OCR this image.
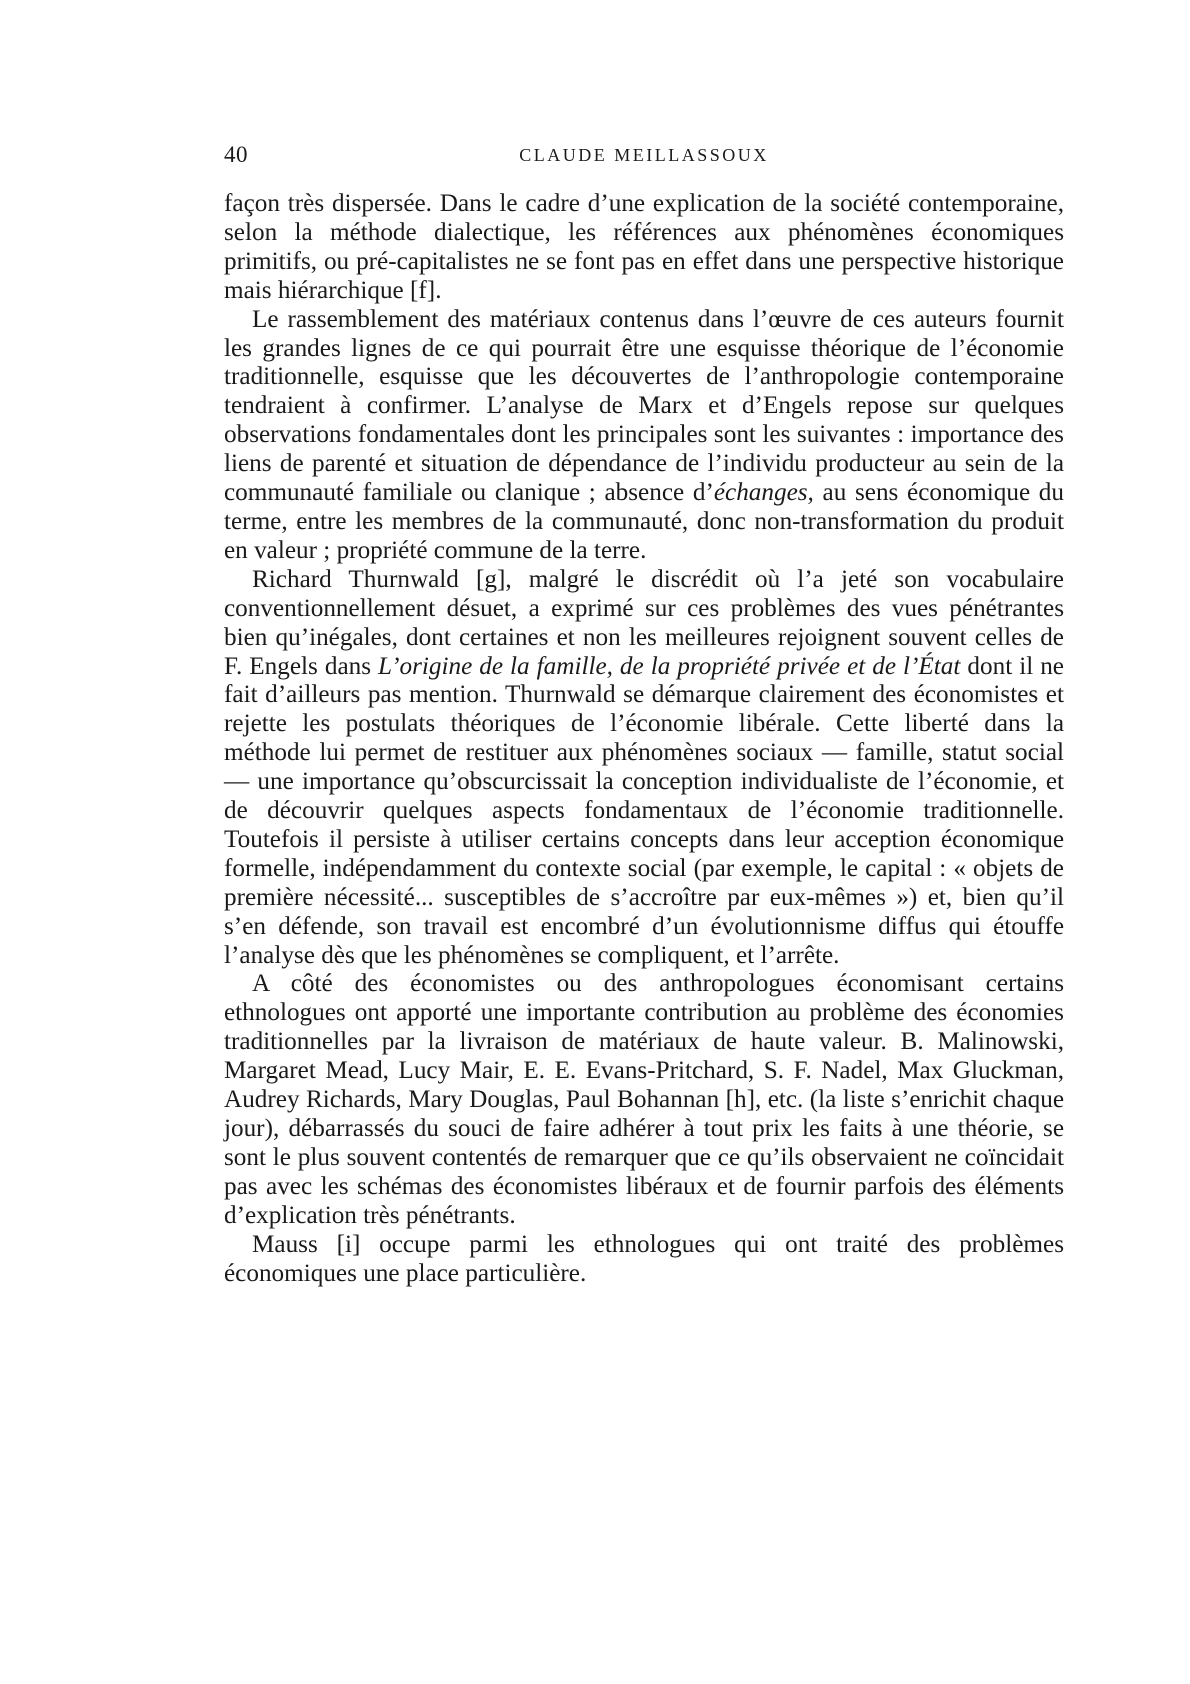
40	CLAUDE MEILLASSOUX

façon très dispersée. Dans le cadre d’une explication de la société contemporaine, selon la méthode dialectique, les références aux phénomènes économiques primitifs, ou pré-capitalistes ne se font pas en effet dans une perspective historique mais hiérarchique [f].

Le rassemblement des matériaux contenus dans l’œuvre de ces auteurs fournit les grandes lignes de ce qui pourrait être une esquisse théorique de l’économie traditionnelle, esquisse que les découvertes de l’anthropologie contemporaine tendraient à confirmer. L’analyse de Marx et d’Engels repose sur quelques observations fondamentales dont les principales sont les suivantes : importance des liens de parenté et situation de dépendance de l’individu producteur au sein de la communauté familiale ou clanique ; absence d’échanges, au sens économique du terme, entre les membres de la communauté, donc non-transformation du produit en valeur ; propriété commune de la terre.

Richard Thurnwald [g], malgré le discrédit où l’a jeté son vocabulaire conventionnellement désuet, a exprimé sur ces problèmes des vues pénétrantes bien qu’inégales, dont certaines et non les meilleures rejoignent souvent celles de F. Engels dans L’origine de la famille, de la propriété privée et de l’État dont il ne fait d’ailleurs pas mention. Thurnwald se démarque clairement des économistes et rejette les postulats théoriques de l’économie libérale. Cette liberté dans la méthode lui permet de restituer aux phénomènes sociaux — famille, statut social — une importance qu’obscurcissait la conception individualiste de l’économie, et de découvrir quelques aspects fondamentaux de l’économie traditionnelle. Toutefois il persiste à utiliser certains concepts dans leur acception économique formelle, indépendamment du contexte social (par exemple, le capital : « objets de première nécessité... susceptibles de s’accroître par eux-mêmes ») et, bien qu’il s’en défende, son travail est encombré d’un évolutionnisme diffus qui étouffe l’analyse dès que les phénomènes se compliquent, et l’arrête.

A côté des économistes ou des anthropologues économisant certains ethnologues ont apporté une importante contribution au problème des économies traditionnelles par la livraison de matériaux de haute valeur. B. Malinowski, Margaret Mead, Lucy Mair, E. E. Evans-Pritchard, S. F. Nadel, Max Gluckman, Audrey Richards, Mary Douglas, Paul Bohannan [h], etc. (la liste s’enrichit chaque jour), débarrassés du souci de faire adhérer à tout prix les faits à une théorie, se sont le plus souvent contentés de remarquer que ce qu’ils observaient ne coïncidait pas avec les schémas des économistes libéraux et de fournir parfois des éléments d’explication très pénétrants.

Mauss [i] occupe parmi les ethnologues qui ont traité des problèmes économiques une place particulière.
